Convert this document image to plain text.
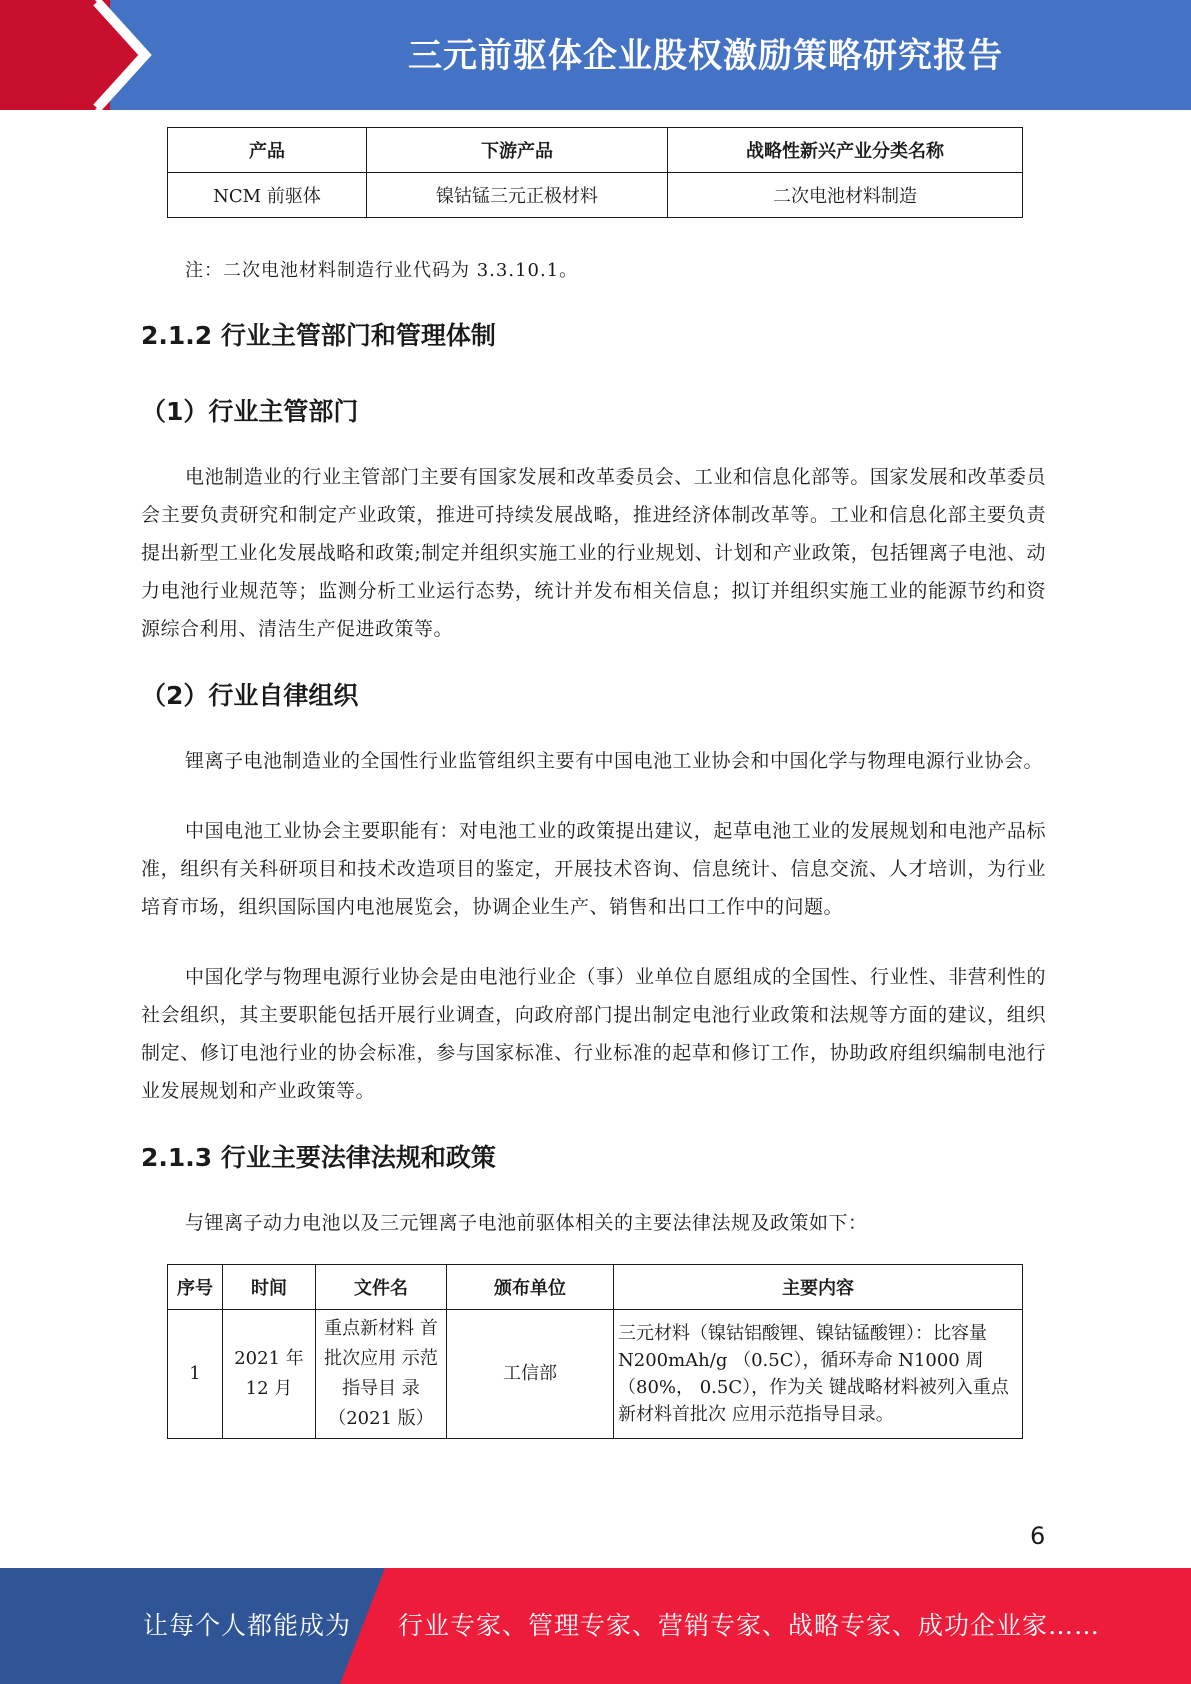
三元前驱体企业股权激励策略研究报告
产品	下游产品	战略性新兴产业分类名称
NCM 前驱体	镍钴锰三元正极材料	二次电池材料制造
注：二次电池材料制造行业代码为 3.3.10.1。
2.1.2 行业主管部门和管理体制
（1）行业主管部门

电池制造业的行业主管部门主要有国家发展和改革委员会、工业和信息化部等。国家发展和改革委员会主要负责研究和制定产业政策，推进可持续发展战略，推进经济体制改革等。工业和信息化部主要负责提出新型工业化发展战略和政策;制定并组织实施工业的行业规划、计划和产业政策，包括锂离子电池、动力电池行业规范等；监测分析工业运行态势，统计并发布相关信息；拟订并组织实施工业的能源节约和资源综合利用、清洁生产促进政策等。

（2）行业自律组织

锂离子电池制造业的全国性行业监管组织主要有中国电池工业协会和中国化学与物理电源行业协会。

中国电池工业协会主要职能有：对电池工业的政策提出建议，起草电池工业的发展规划和电池产品标准，组织有关科研项目和技术改造项目的鉴定，开展技术咨询、信息统计、信息交流、人才培训，为行业培育市场，组织国际国内电池展览会，协调企业生产、销售和出口工作中的问题。

中国化学与物理电源行业协会是由电池行业企（事）业单位自愿组成的全国性、行业性、非营利性的社会组织，其主要职能包括开展行业调查，向政府部门提出制定电池行业政策和法规等方面的建议，组织制定、修订电池行业的协会标准，参与国家标准、行业标准的起草和修订工作，协助政府组织编制电池行业发展规划和产业政策等。

2.1.3 行业主要法律法规和政策

与锂离子动力电池以及三元锂离子电池前驱体相关的主要法律法规及政策如下：

序号	时间	文件名	颁布单位	主要内容
1	2021 年 12 月	重点新材料 首批次应用 示范指导目 录（2021 版）	工信部	三元材料（镍钴铝酸锂、镍钴锰酸锂）：比容量 N200mAh/g （0.5C），循环寿命 N1000 周（80%， 0.5C），作为关 键战略材料被列入重点新材料首批次 应用示范指导目录。
6
让每个人都能成为 行业专家、管理专家、营销专家、战略专家、成功企业家……
